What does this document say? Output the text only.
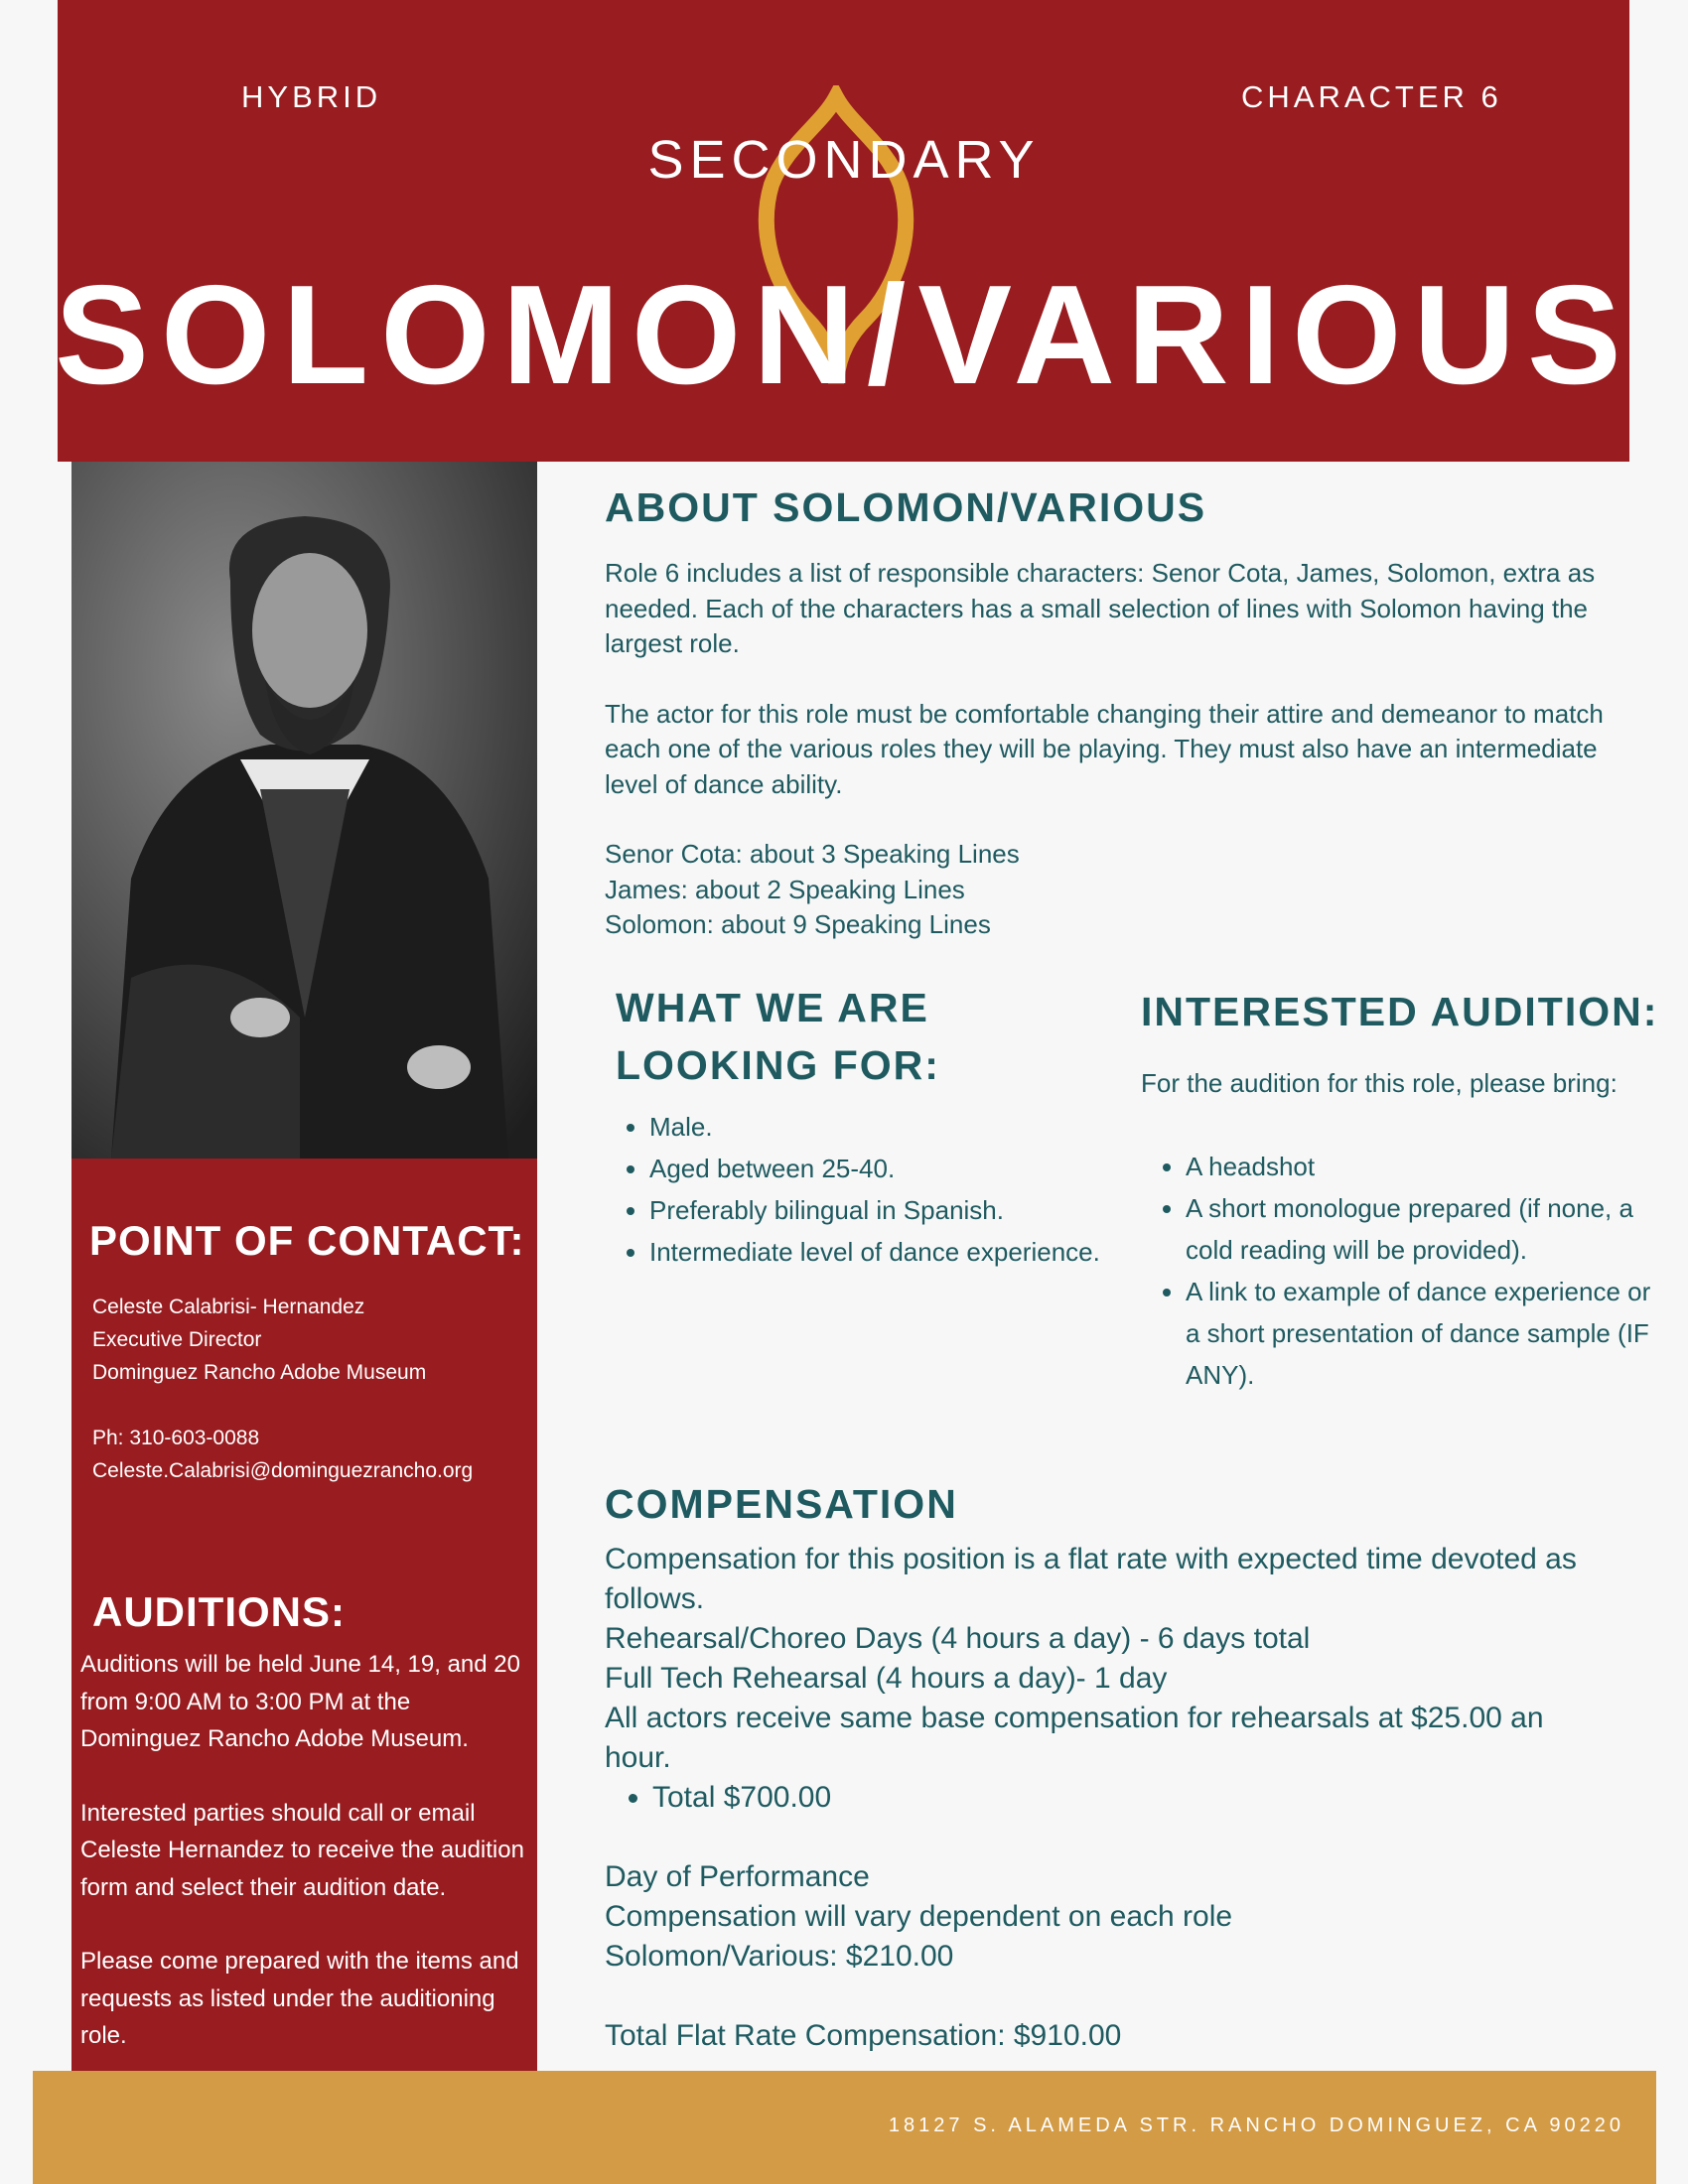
HYBRID	CHARACTER 6
SECONDARY
SOLOMON/VARIOUS
POINT OF CONTACT:
Celeste Calabrisi- Hernandez
Executive Director
Dominguez Rancho Adobe Museum
Ph: 310-603-0088
Celeste.Calabrisi@dominguezrancho.org
AUDITIONS:

Auditions will be held June 14, 19, and 20 from 9:00 AM to 3:00 PM at the Dominguez Rancho Adobe Museum.

Interested parties should call or email Celeste Hernandez to receive the audition form and select their audition date.

Please come prepared with the items and requests as listed under the auditioning role.

ABOUT SOLOMON/VARIOUS

Role 6 includes a list of responsible characters: Senor Cota, James, Solomon, extra as needed. Each of the characters has a small selection of lines with Solomon having the largest role.

The actor for this role must be comfortable changing their attire and demeanor to match each one of the various roles they will be playing. They must also have an intermediate level of dance ability.

Senor Cota: about 3 Speaking Lines
James: about 2 Speaking Lines
Solomon: about 9 Speaking Lines
WHAT WE ARE LOOKING FOR:
• Male.
• Aged between 25-40.
• Preferably bilingual in Spanish.
• Intermediate level of dance experience.
INTERESTED AUDITION:
For the audition for this role, please bring:
• A headshot
• A short monologue prepared (if none, a cold reading will be provided).
• A link to example of dance experience or a short presentation of dance sample (IF ANY).
COMPENSATION
Compensation for this position is a flat rate with expected time devoted as follows.
Rehearsal/Choreo Days (4 hours a day) - 6 days total
Full Tech Rehearsal (4 hours a day)- 1 day
All actors receive same base compensation for rehearsals at $25.00 an hour.
• Total $700.00
Day of Performance
Compensation will vary dependent on each role
Solomon/Various: $210.00
Total Flat Rate Compensation: $910.00
18127 S. ALAMEDA STR. RANCHO DOMINGUEZ, CA 90220
